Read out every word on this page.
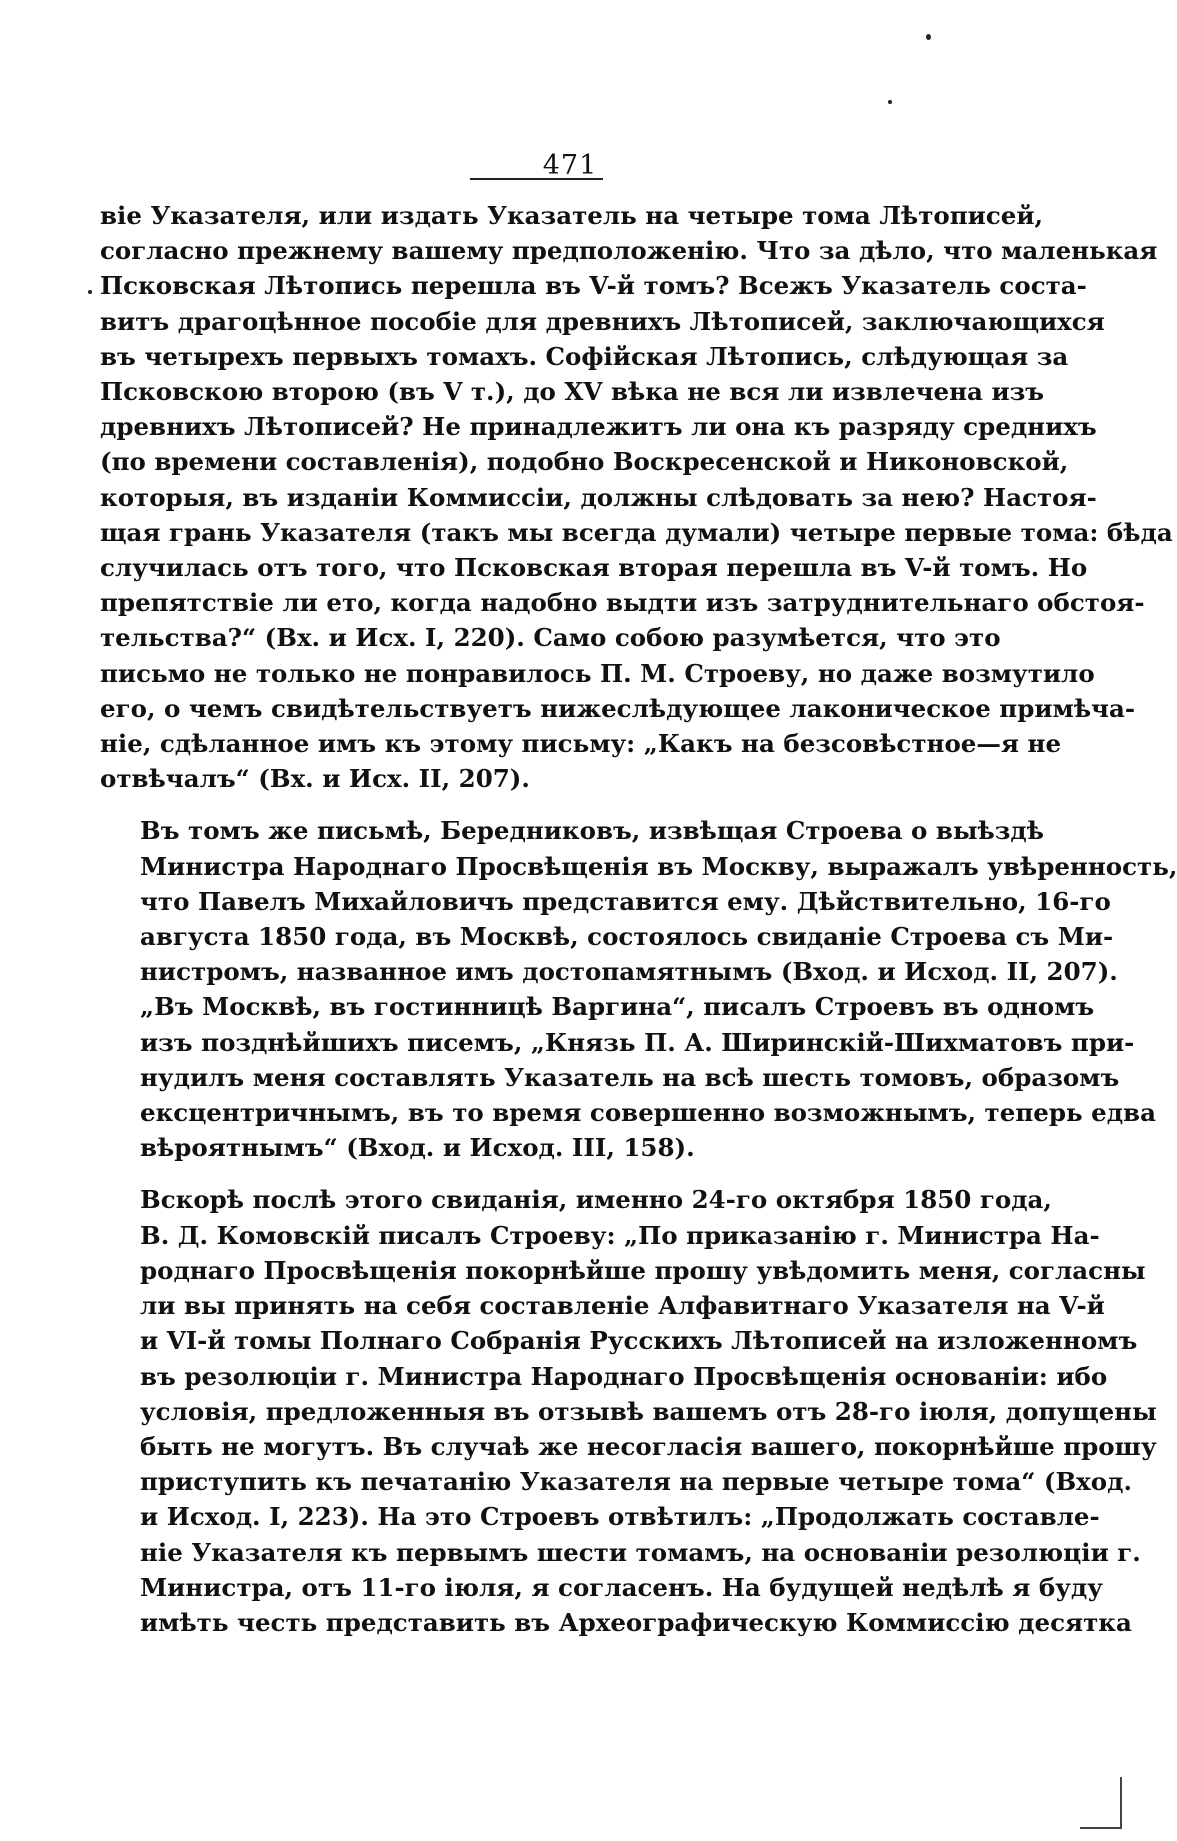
471

віе Указателя, или издать Указатель на четыре тома Лѣтописей,
согласно прежнему вашему предположенію. Что за дѣло, что маленькая
Псковская Лѣтопись перешла въ V-й томъ? Всежъ Указатель соста-
витъ драгоцѣнное пособіе для древнихъ Лѣтописей, заключающихся
въ четырехъ первыхъ томахъ. Софійская Лѣтопись, слѣдующая за
Псковскою второю (въ V т.), до XV вѣка не вся ли извлечена изъ
древнихъ Лѣтописей? Не принадлежитъ ли она къ разряду среднихъ
(по времени составленія), подобно Воскресенской и Никоновской,
которыя, въ изданіи Коммиссіи, должны слѣдовать за нею? Настоя-
щая грань Указателя (такъ мы всегда думали) четыре первые тома: бѣда
случилась отъ того, что Псковская вторая перешла въ V-й томъ. Но
препятствіе ли ето, когда надобно выдти изъ затруднительнаго обстоя-
тельства?“ (Вх. и Исх. I, 220). Само собою разумѣется, что это
письмо не только не понравилось П. М. Строеву, но даже возмутило
его, о чемъ свидѣтельствуетъ нижеслѣдующее лаконическое примѣча-
ніе, сдѣланное имъ къ этому письму: „Какъ на безсовѣстное—я не
отвѣчалъ“ (Вх. и Исх. II, 207).

Въ томъ же письмѣ, Бередниковъ, извѣщая Строева о выѣздѣ
Министра Народнаго Просвѣщенія въ Москву, выражалъ увѣренность,
что Павелъ Михайловичъ представится ему. Дѣйствительно, 16-го
августа 1850 года, въ Москвѣ, состоялось свиданіе Строева съ Ми-
нистромъ, названное имъ достопамятнымъ (Вход. и Исход. II, 207).
„Въ Москвѣ, въ гостинницѣ Варгина“, писалъ Строевъ въ одномъ
изъ позднѣйшихъ писемъ, „Князь П. А. Ширинскій-Шихматовъ при-
нудилъ меня составлять Указатель на всѣ шесть томовъ, образомъ
ексцентричнымъ, въ то время совершенно возможнымъ, теперь едва
вѣроятнымъ“ (Вход. и Исход. III, 158).

Вскорѣ послѣ этого свиданія, именно 24-го октября 1850 года,
В. Д. Комовскій писалъ Строеву: „По приказанію г. Министра На-
роднаго Просвѣщенія покорнѣйше прошу увѣдомить меня, согласны
ли вы принять на себя составленіе Алфавитнаго Указателя на V-й
и VI-й томы Полнаго Собранія Русскихъ Лѣтописей на изложенномъ
въ резолюціи г. Министра Народнаго Просвѣщенія основаніи: ибо
условія, предложенныя въ отзывѣ вашемъ отъ 28-го іюля, допущены
быть не могутъ. Въ случаѣ же несогласія вашего, покорнѣйше прошу
приступить къ печатанію Указателя на первые четыре тома“ (Вход.
и Исход. I, 223). На это Строевъ отвѣтилъ: „Продолжать составле-
ніе Указателя къ первымъ шести томамъ, на основаніи резолюціи г.
Министра, отъ 11-го іюля, я согласенъ. На будущей недѣлѣ я буду
имѣть честь представить въ Археографическую Коммиссію десятка
